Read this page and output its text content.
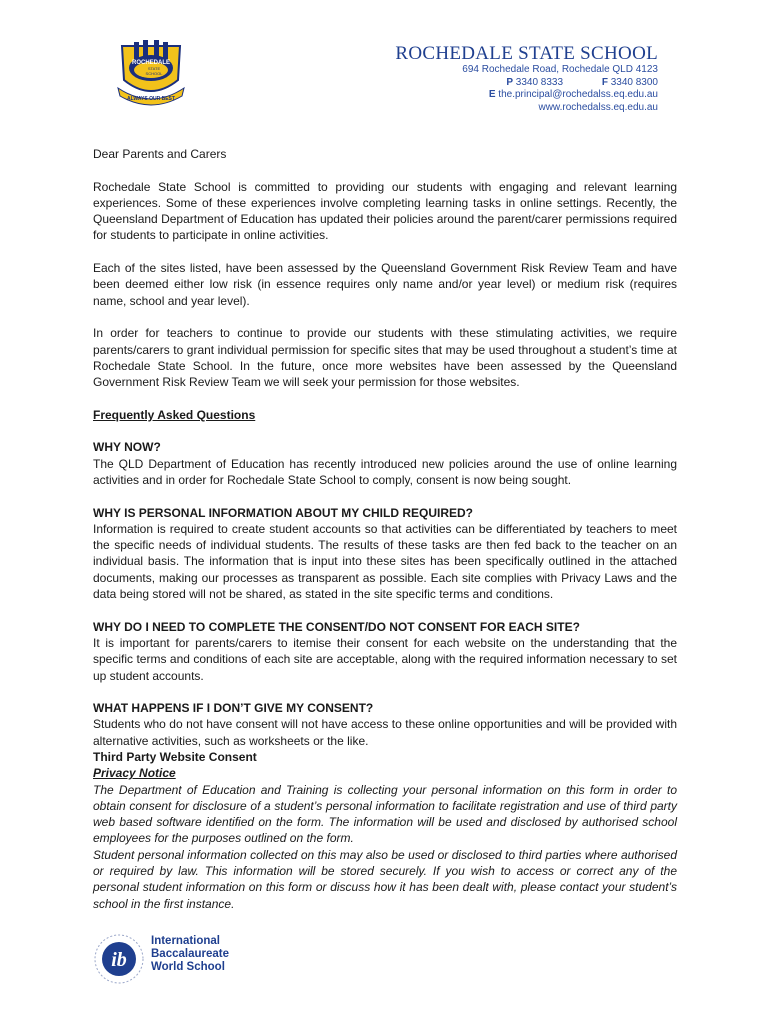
ROCHEDALE
STATE
SCHOOL
ALWAYS OUR BEST
ROCHEDALE STATE SCHOOL
694 Rochedale Road, Rochedale QLD 4123
P 3340 8333	F 3340 8300
E the.principal@rochedalss.eq.edu.au
www.rochedalss.eq.edu.au

Dear Parents and Carers

Rochedale State School is committed to providing our students with engaging and relevant learning experiences. Some of these experiences involve completing learning tasks in online settings. Recently, the Queensland Department of Education has updated their policies around the parent/carer permissions required for students to participate in online activities.

Each of the sites listed, have been assessed by the Queensland Government Risk Review Team and have been deemed either low risk (in essence requires only name and/or year level) or medium risk (requires name, school and year level).

In order for teachers to continue to provide our students with these stimulating activities, we require parents/carers to grant individual permission for specific sites that may be used throughout a student’s time at Rochedale State School. In the future, once more websites have been assessed by the Queensland Government Risk Review Team we will seek your permission for those websites.

Frequently Asked Questions

WHY NOW?

The QLD Department of Education has recently introduced new policies around the use of online learning activities and in order for Rochedale State School to comply, consent is now being sought.

WHY IS PERSONAL INFORMATION ABOUT MY CHILD REQUIRED?

Information is required to create student accounts so that activities can be differentiated by teachers to meet the specific needs of individual students. The results of these tasks are then fed back to the teacher on an individual basis. The information that is input into these sites has been specifically outlined in the attached documents, making our processes as transparent as possible. Each site complies with Privacy Laws and the data being stored will not be shared, as stated in the site specific terms and conditions.

WHY DO I NEED TO COMPLETE THE CONSENT/DO NOT CONSENT FOR EACH SITE?

It is important for parents/carers to itemise their consent for each website on the understanding that the specific terms and conditions of each site are acceptable, along with the required information necessary to set up student accounts.

WHAT HAPPENS IF I DON’T GIVE MY CONSENT?

Students who do not have consent will not have access to these online opportunities and will be provided with alternative activities, such as worksheets or the like.

Third Party Website Consent

Privacy Notice

The Department of Education and Training is collecting your personal information on this form in order to obtain consent for disclosure of a student’s personal information to facilitate registration and use of third party web based software identified on the form. The information will be used and disclosed by authorised school employees for the purposes outlined on the form.

Student personal information collected on this may also be used or disclosed to third parties where authorised or required by law. This information will be stored securely. If you wish to access or correct any of the personal student information on this form or discuss how it has been dealt with, please contact your student’s school in the first instance.

ib
International
Baccalaureate
World School
